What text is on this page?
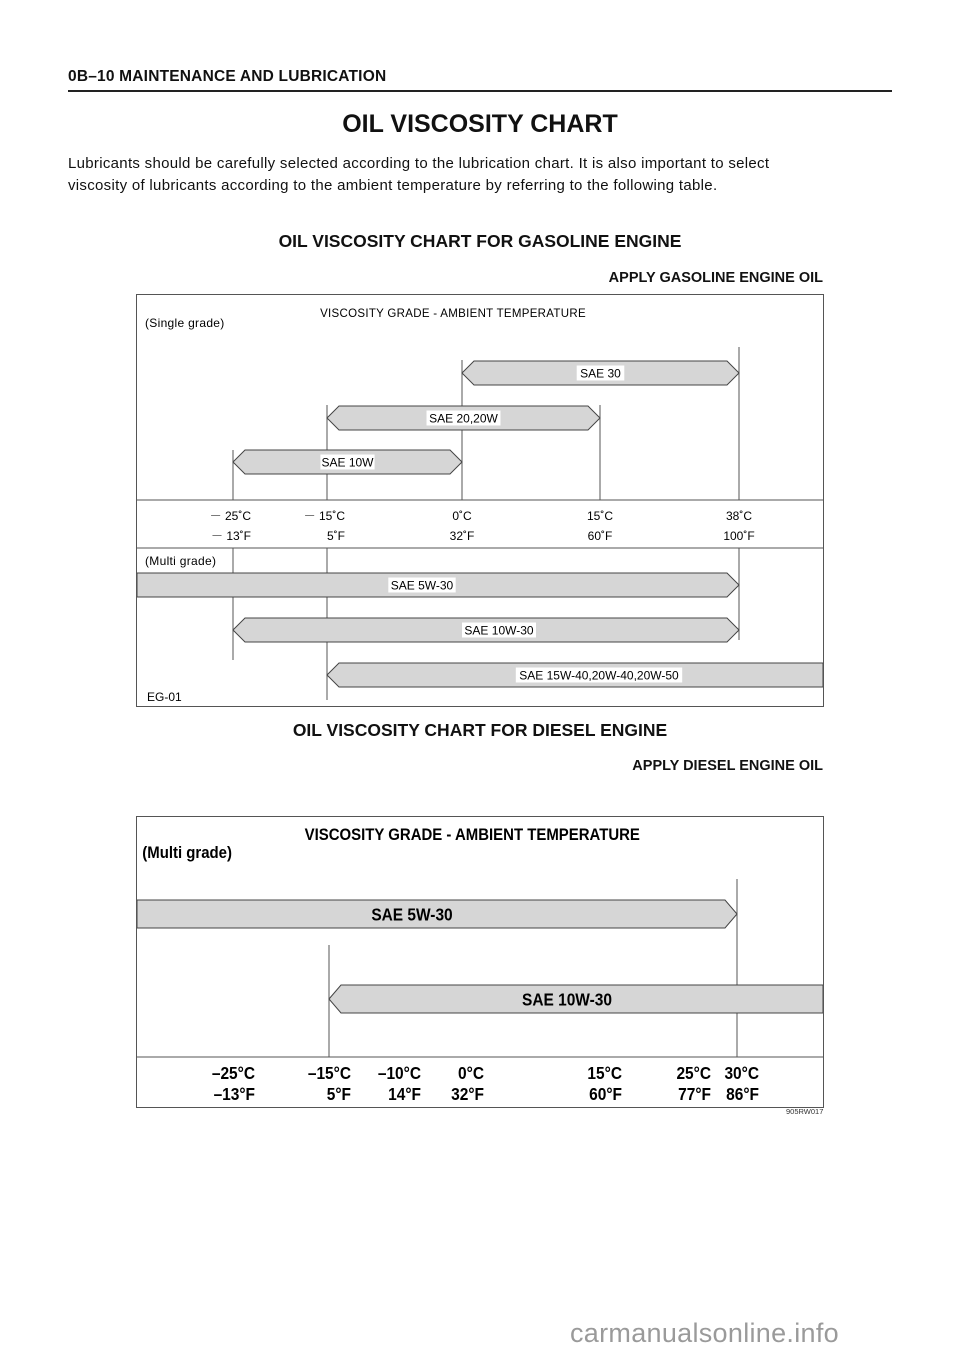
0B–10 MAINTENANCE AND LUBRICATION
OIL VISCOSITY CHART
Lubricants should be carefully selected according to the lubrication chart. It is also important to select
viscosity of lubricants according to the ambient temperature by referring to the following table.
OIL VISCOSITY CHART FOR GASOLINE ENGINE
APPLY GASOLINE ENGINE OIL
VISCOSITY GRADE - AMBIENT TEMPERATURE
(Single grade)
(Multi grade)
EG-01
SAE 30
SAE 20,20W
SAE 10W
SAE 5W-30
SAE 10W-30
SAE 15W-40,20W-40,20W-50
－ 25˚C
－ 13˚F
－ 15˚C
5˚F
0˚C
32˚F
15˚C
60˚F
38˚C
100˚F
OIL VISCOSITY CHART FOR DIESEL ENGINE
APPLY DIESEL ENGINE OIL
VISCOSITY GRADE - AMBIENT TEMPERATURE
(Multi grade)
SAE 5W-30
SAE 10W-30
–25°C
–13°F
–15°C
5°F
–10°C
14°F
0°C
32°F
15°C
60°F
25°C
77°F
30°C
86°F
905RW017
carmanualsonline.info
